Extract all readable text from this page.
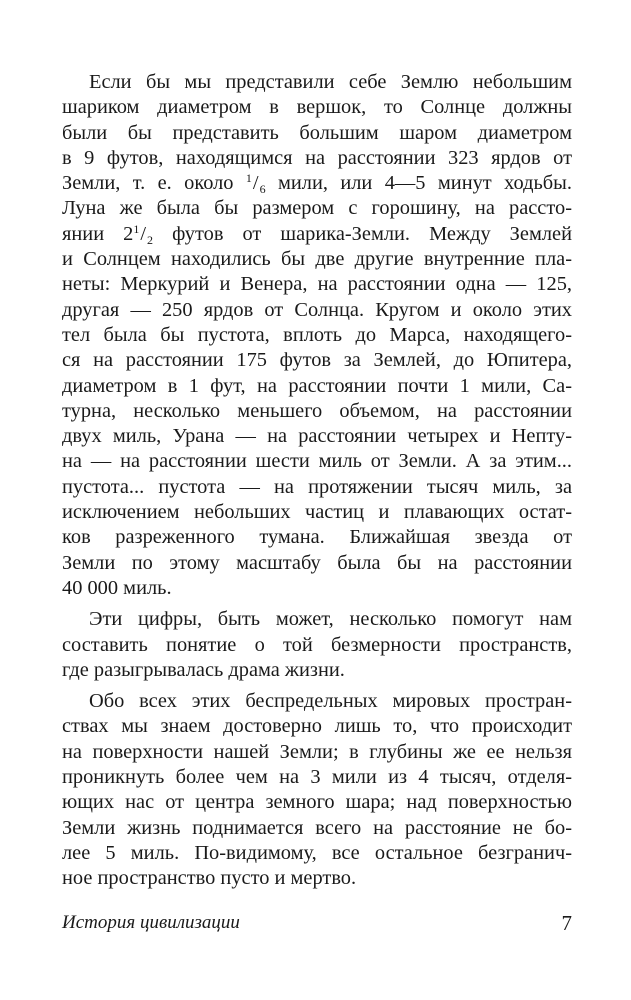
Если бы мы представили себе Землю небольшим
шариком диаметром в вершок, то Солнце должны
были бы представить большим шаром диаметром
в 9 футов, находящимся на расстоянии 323 ярдов от
Земли, т. е. около $^1/_6$ мили, или 4—5 минут ходьбы.
Луна же была бы размером с горошину, на рассто-
янии $2^1/_2$ футов от шарика-Земли. Между Землей
и Солнцем находились бы две другие внутренние пла-
неты: Меркурий и Венера, на расстоянии одна — 125,
другая — 250 ярдов от Солнца. Кругом и около этих
тел была бы пустота, вплоть до Марса, находящего-
ся на расстоянии 175 футов за Землей, до Юпитера,
диаметром в 1 фут, на расстоянии почти 1 мили, Са-
турна, несколько меньшего объемом, на расстоянии
двух миль, Урана — на расстоянии четырех и Непту-
на — на расстоянии шести миль от Земли. А за этим...
пустота... пустота — на протяжении тысяч миль, за
исключением небольших частиц и плавающих остат-
ков разреженного тумана. Ближайшая звезда от
Земли по этому масштабу была бы на расстоянии
40 000 миль.
Эти цифры, быть может, несколько помогут нам
составить понятие о той безмерности пространств,
где разыгрывалась драма жизни.
Обо всех этих беспредельных мировых простран-
ствах мы знаем достоверно лишь то, что происходит
на поверхности нашей Земли; в глубины же ее нельзя
проникнуть более чем на 3 мили из 4 тысяч, отделя-
ющих нас от центра земного шара; над поверхностью
Земли жизнь поднимается всего на расстояние не бо-
лее 5 миль. По-видимому, все остальное безгранич-
ное пространство пусто и мертво.
История цивилизации	7
